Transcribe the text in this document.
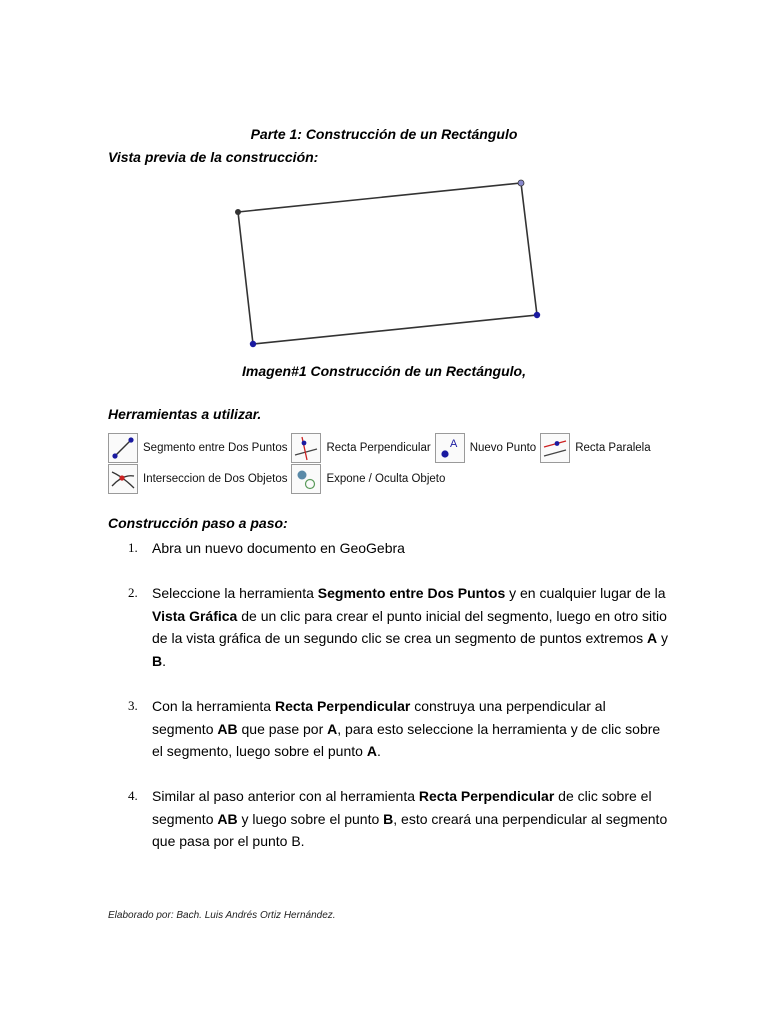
Parte 1: Construcción de un Rectángulo
Vista previa de la construcción:
Imagen#1 Construcción de un Rectángulo,
Herramientas a utilizar.
Segmento entre Dos Puntos	Recta Perpendicular A Nuevo Punto	Recta Paralela
Interseccion de Dos Objetos	Expone / Oculta Objeto
Construcción paso a paso:
1. Abra un nuevo documento en GeoGebra
2. Seleccione la herramienta Segmento entre Dos Puntos y en cualquier lugar de la Vista Gráfica de un clic para crear el punto inicial del segmento, luego en otro sitio de la vista gráfica de un segundo clic se crea un segmento de puntos extremos A y B.
3. Con la herramienta Recta Perpendicular construya una perpendicular al segmento AB que pase por A, para esto seleccione la herramienta y de clic sobre el segmento, luego sobre el punto A.
4. Similar al paso anterior con al herramienta Recta Perpendicular de clic sobre el segmento AB y luego sobre el punto B, esto creará una perpendicular al segmento que pasa por el punto B.
Elaborado por: Bach. Luis Andrés Ortiz Hernández.
